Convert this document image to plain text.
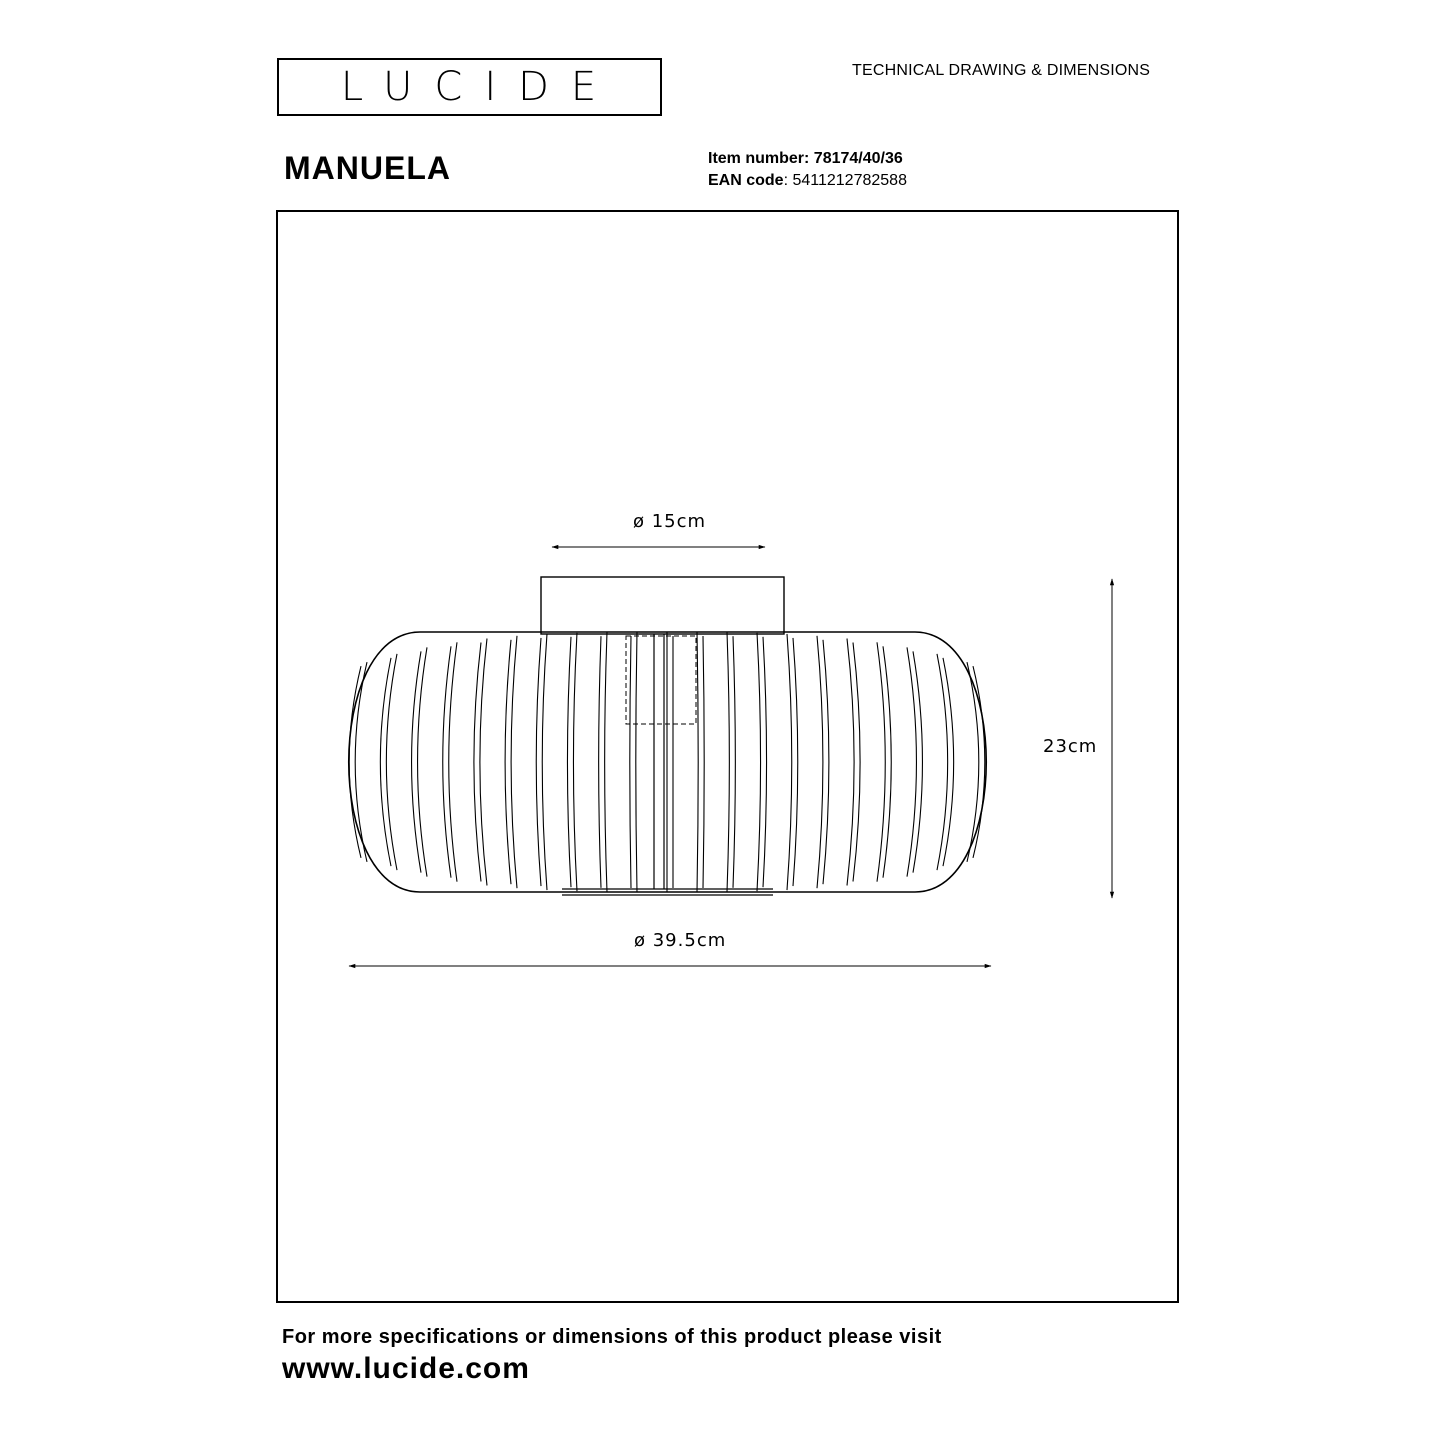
LUCIDE	TECHNICAL DRAWING & DIMENSIONS
MANUELA	Item number: 78174/40/36
EAN code: 5411212782588
ø 15cm
ø 39.5cm
23cm
For more specifications or dimensions of this product please visit
www.lucide.com
